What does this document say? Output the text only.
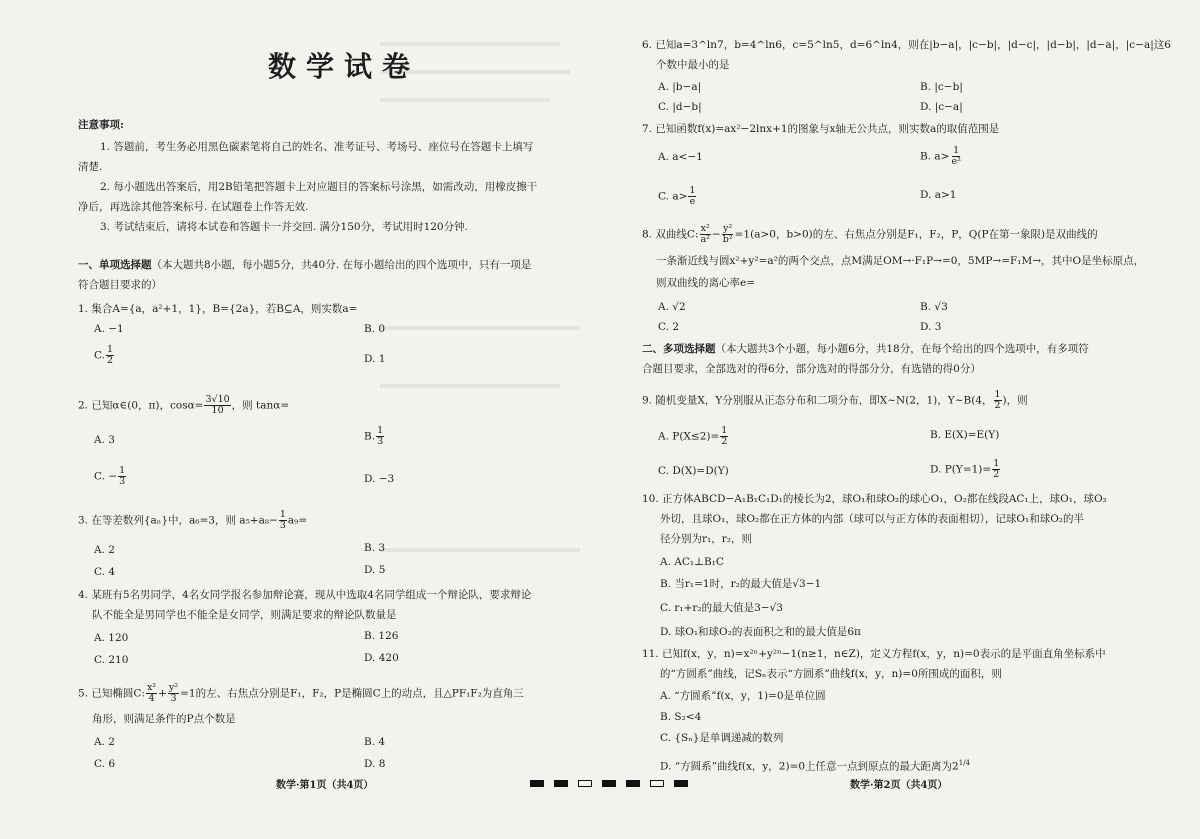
数学试卷
注意事项:
1. 答题前，考生务必用黑色碳素笔将自己的姓名、准考证号、考场号、座位号在答题卡上填写
清楚.
2. 每小题选出答案后，用2B铅笔把答题卡上对应题目的答案标号涂黑，如需改动，用橡皮擦干
净后，再选涂其他答案标号. 在试题卷上作答无效.
3. 考试结束后，请将本试卷和答题卡一并交回. 满分150分，考试用时120分钟.
一、单项选择题（本大题共8小题，每小题5分，共40分. 在每小题给出的四个选项中，只有一项是
符合题目要求的）
1. 集合A={a，a²+1，1}，B={2a}，若B⊆A，则实数a=
A. −1	B. 0
C. $\frac{1}{2}$	D. 1
2. 已知α∈(0，π)，$\cos\alpha= \frac{3√10}{10}$ ，则 tanα=
A. 3	B. $\frac{1}{3}$
C. − $\frac{1}{3}$	D. −3
3. 在等差数列{aₙ}中，a₆=3，则 $a_5+a_8- \frac{1}{3} a_9=$
A. 2	B. 3
C. 4	D. 5
4. 某班有5名男同学，4名女同学报名参加辩论赛，现从中选取4名同学组成一个辩论队，要求辩论
队不能全是男同学也不能全是女同学，则满足要求的辩论队数量是
A. 120	B. 126
C. 210	D. 420
5. 已知椭圆C: $\frac{\text{x²}}{4} + \frac{\text{y²}}{3} =1$的左、右焦点分别是F₁，F₂，P是椭圆C上的动点，且△PF₁F₂为直角三
角形，则满足条件的P点个数是
A. 2	B. 4
C. 6	D. 8
数学·第1页（共4页）
6. 已知a=3^ln7，b=4^ln6，c=5^ln5，d=6^ln4，则在|b−a|，|c−b|，|d−c|，|d−b|，|d−a|，|c−a|这6
个数中最小的是
A. |b−a|	B. |c−b|
C. |d−b|	D. |c−a|
7. 已知函数f(x)=ax²−2lnx+1的图象与x轴无公共点，则实数a的取值范围是
A. a<−1	B. $a> \frac{1}{\text{e²}}$
C. $a> \frac{1}{e}$	D. a>1
8. 双曲线C: $\frac{\text{x²}}{\text{a²}} - \frac{\text{y²}}{\text{b²}} =1(a>0$，b>0)的左、右焦点分别是F₁，F₂，P，Q(P在第一象限)是双曲线的
一条渐近线与圆x²+y²=a²的两个交点，点M满足OM→·F₁P→=0，5MP→=F₁M→，其中O是坐标原点，
则双曲线的离心率e=
A. √2	B. √3
C. 2	D. 3
二、多项选择题（本大题共3个小题，每小题6分，共18分，在每个给出的四个选项中，有多项符
合题目要求，全部选对的得6分，部分选对的得部分分，有选错的得0分）
9. 随机变量X，Y分别服从正态分布和二项分布，即X~N(2，1)，Y~B(4， $\frac{1}{2}$ )，则
A. $P(X\le 2)= \frac{1}{2}$	B. E(X)=E(Y)
C. D(X)=D(Y)	D. $P(Y=1)= \frac{1}{2}$
10. 正方体ABCD−A₁B₁C₁D₁的棱长为2，球O₁和球O₂的球心O₁，O₂都在线段AC₁上，球O₁，球O₂
外切，且球O₁，球O₂都在正方体的内部（球可以与正方体的表面相切），记球O₁和球O₂的半
径分别为r₁，r₂，则
A. AC₁⊥B₁C
B. 当r₁=1时，r₂的最大值是√3−1
C. r₁+r₂的最大值是3−√3
D. 球O₁和球O₂的表面积之和的最大值是6π
11. 已知f(x，y，n)=x²ⁿ+y²ⁿ−1(n≥1，n∈Z)，定义方程f(x，y，n)=0表示的是平面直角坐标系中
的“方圆系”曲线，记Sₙ表示“方圆系”曲线f(x，y，n)=0所围成的面积，则
A. “方圆系”f(x，y，1)=0是单位圆
B. S₂<4
C. {Sₙ}是单调递减的数列
D. “方圆系”曲线f(x，y，2)=0上任意一点到原点的最大距离为$2^{1/4}$
数学·第2页（共4页）
